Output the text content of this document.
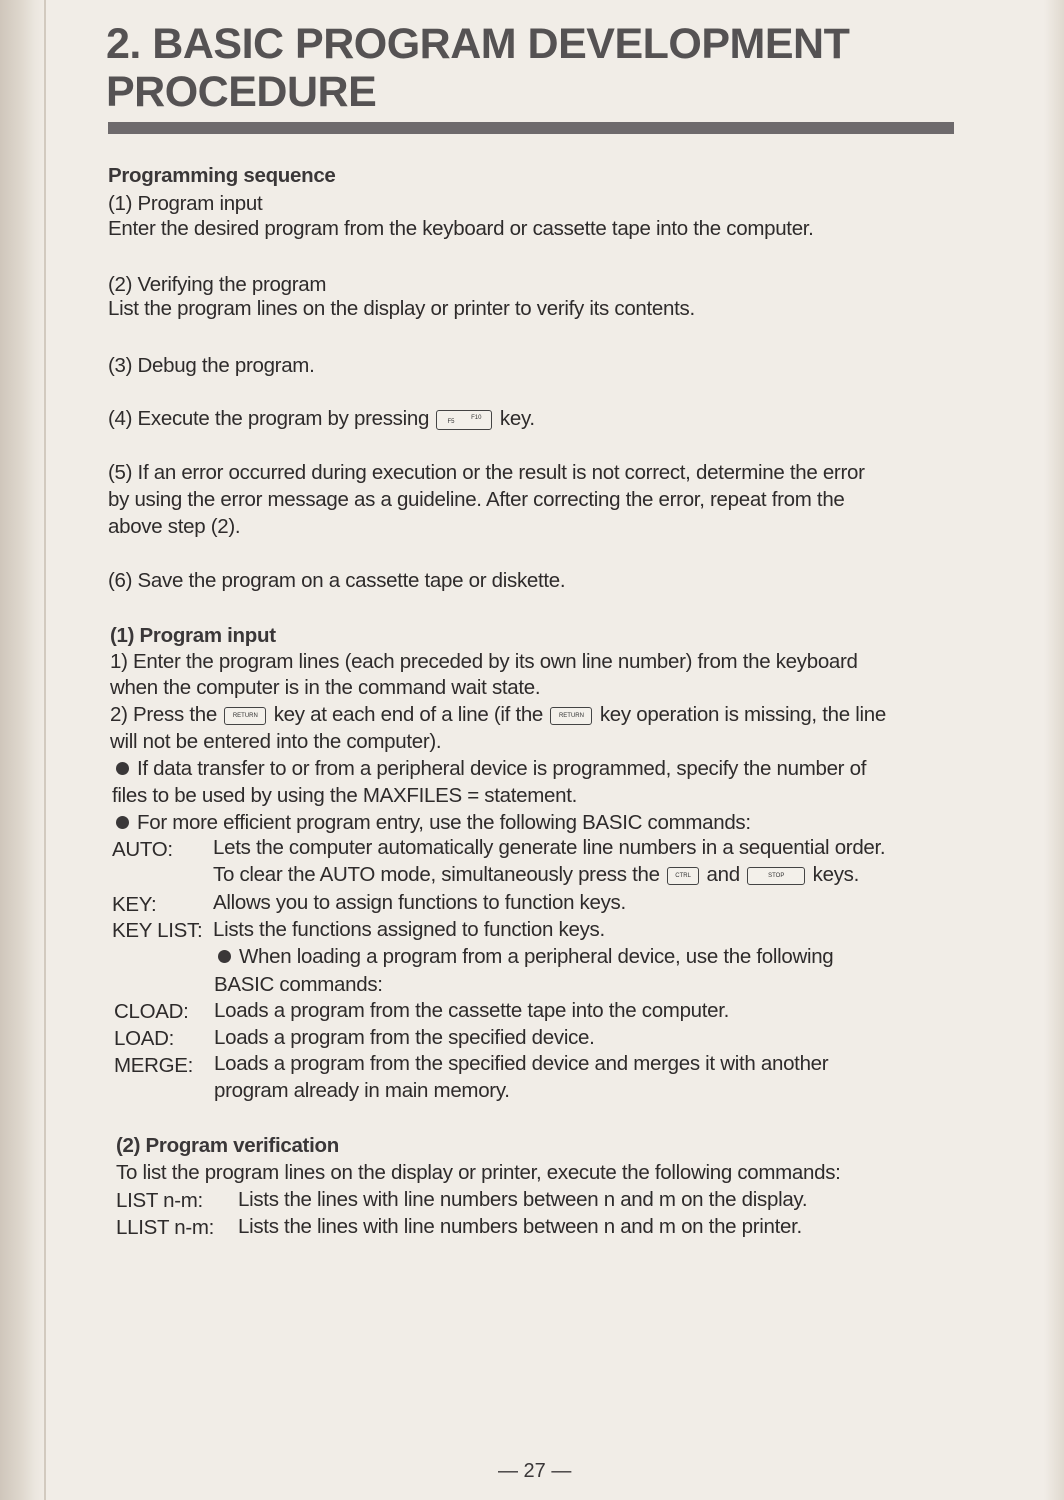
2. BASIC PROGRAM DEVELOPMENT PROCEDURE

Programming sequence

(1) Program input

Enter the desired program from the keyboard or cassette tape into the computer.

(2) Verifying the program

List the program lines on the display or printer to verify its contents.

(3) Debug the program.

(4) Execute the program by pressing	F5
F10 key.

(5) If an error occurred during execution or the result is not correct, determine the error

by using the error message as a guideline. After correcting the error, repeat from the

above step (2).

(6) Save the program on a cassette tape or diskette.

(1) Program input

1) Enter the program lines (each preceded by its own line number) from the keyboard

when the computer is in the command wait state.

2) Press the	RETURN key at each end of a line (if the	RETURN key operation is missing, the line

will not be entered into the computer).

If data transfer to or from a peripheral device is programmed, specify the number of

files to be used by using the MAXFILES = statement.

For more efficient program entry, use the following BASIC commands:

AUTO: Lets the computer automatically generate line numbers in a sequential order.

To clear the AUTO mode, simultaneously press the	CTRL and	STOP keys.

KEY:	Allows you to assign functions to function keys.

KEY LIST: Lists the functions assigned to function keys.

When loading a program from a peripheral device, use the following

BASIC commands:

CLOAD: Loads a program from the cassette tape into the computer.

LOAD: Loads a program from the specified device.

MERGE: Loads a program from the specified device and merges it with another

program already in main memory.

(2) Program verification

To list the program lines on the display or printer, execute the following commands:

LIST n-m: Lists the lines with line numbers between n and m on the display.

LLIST n-m: Lists the lines with line numbers between n and m on the printer.

— 27 —
